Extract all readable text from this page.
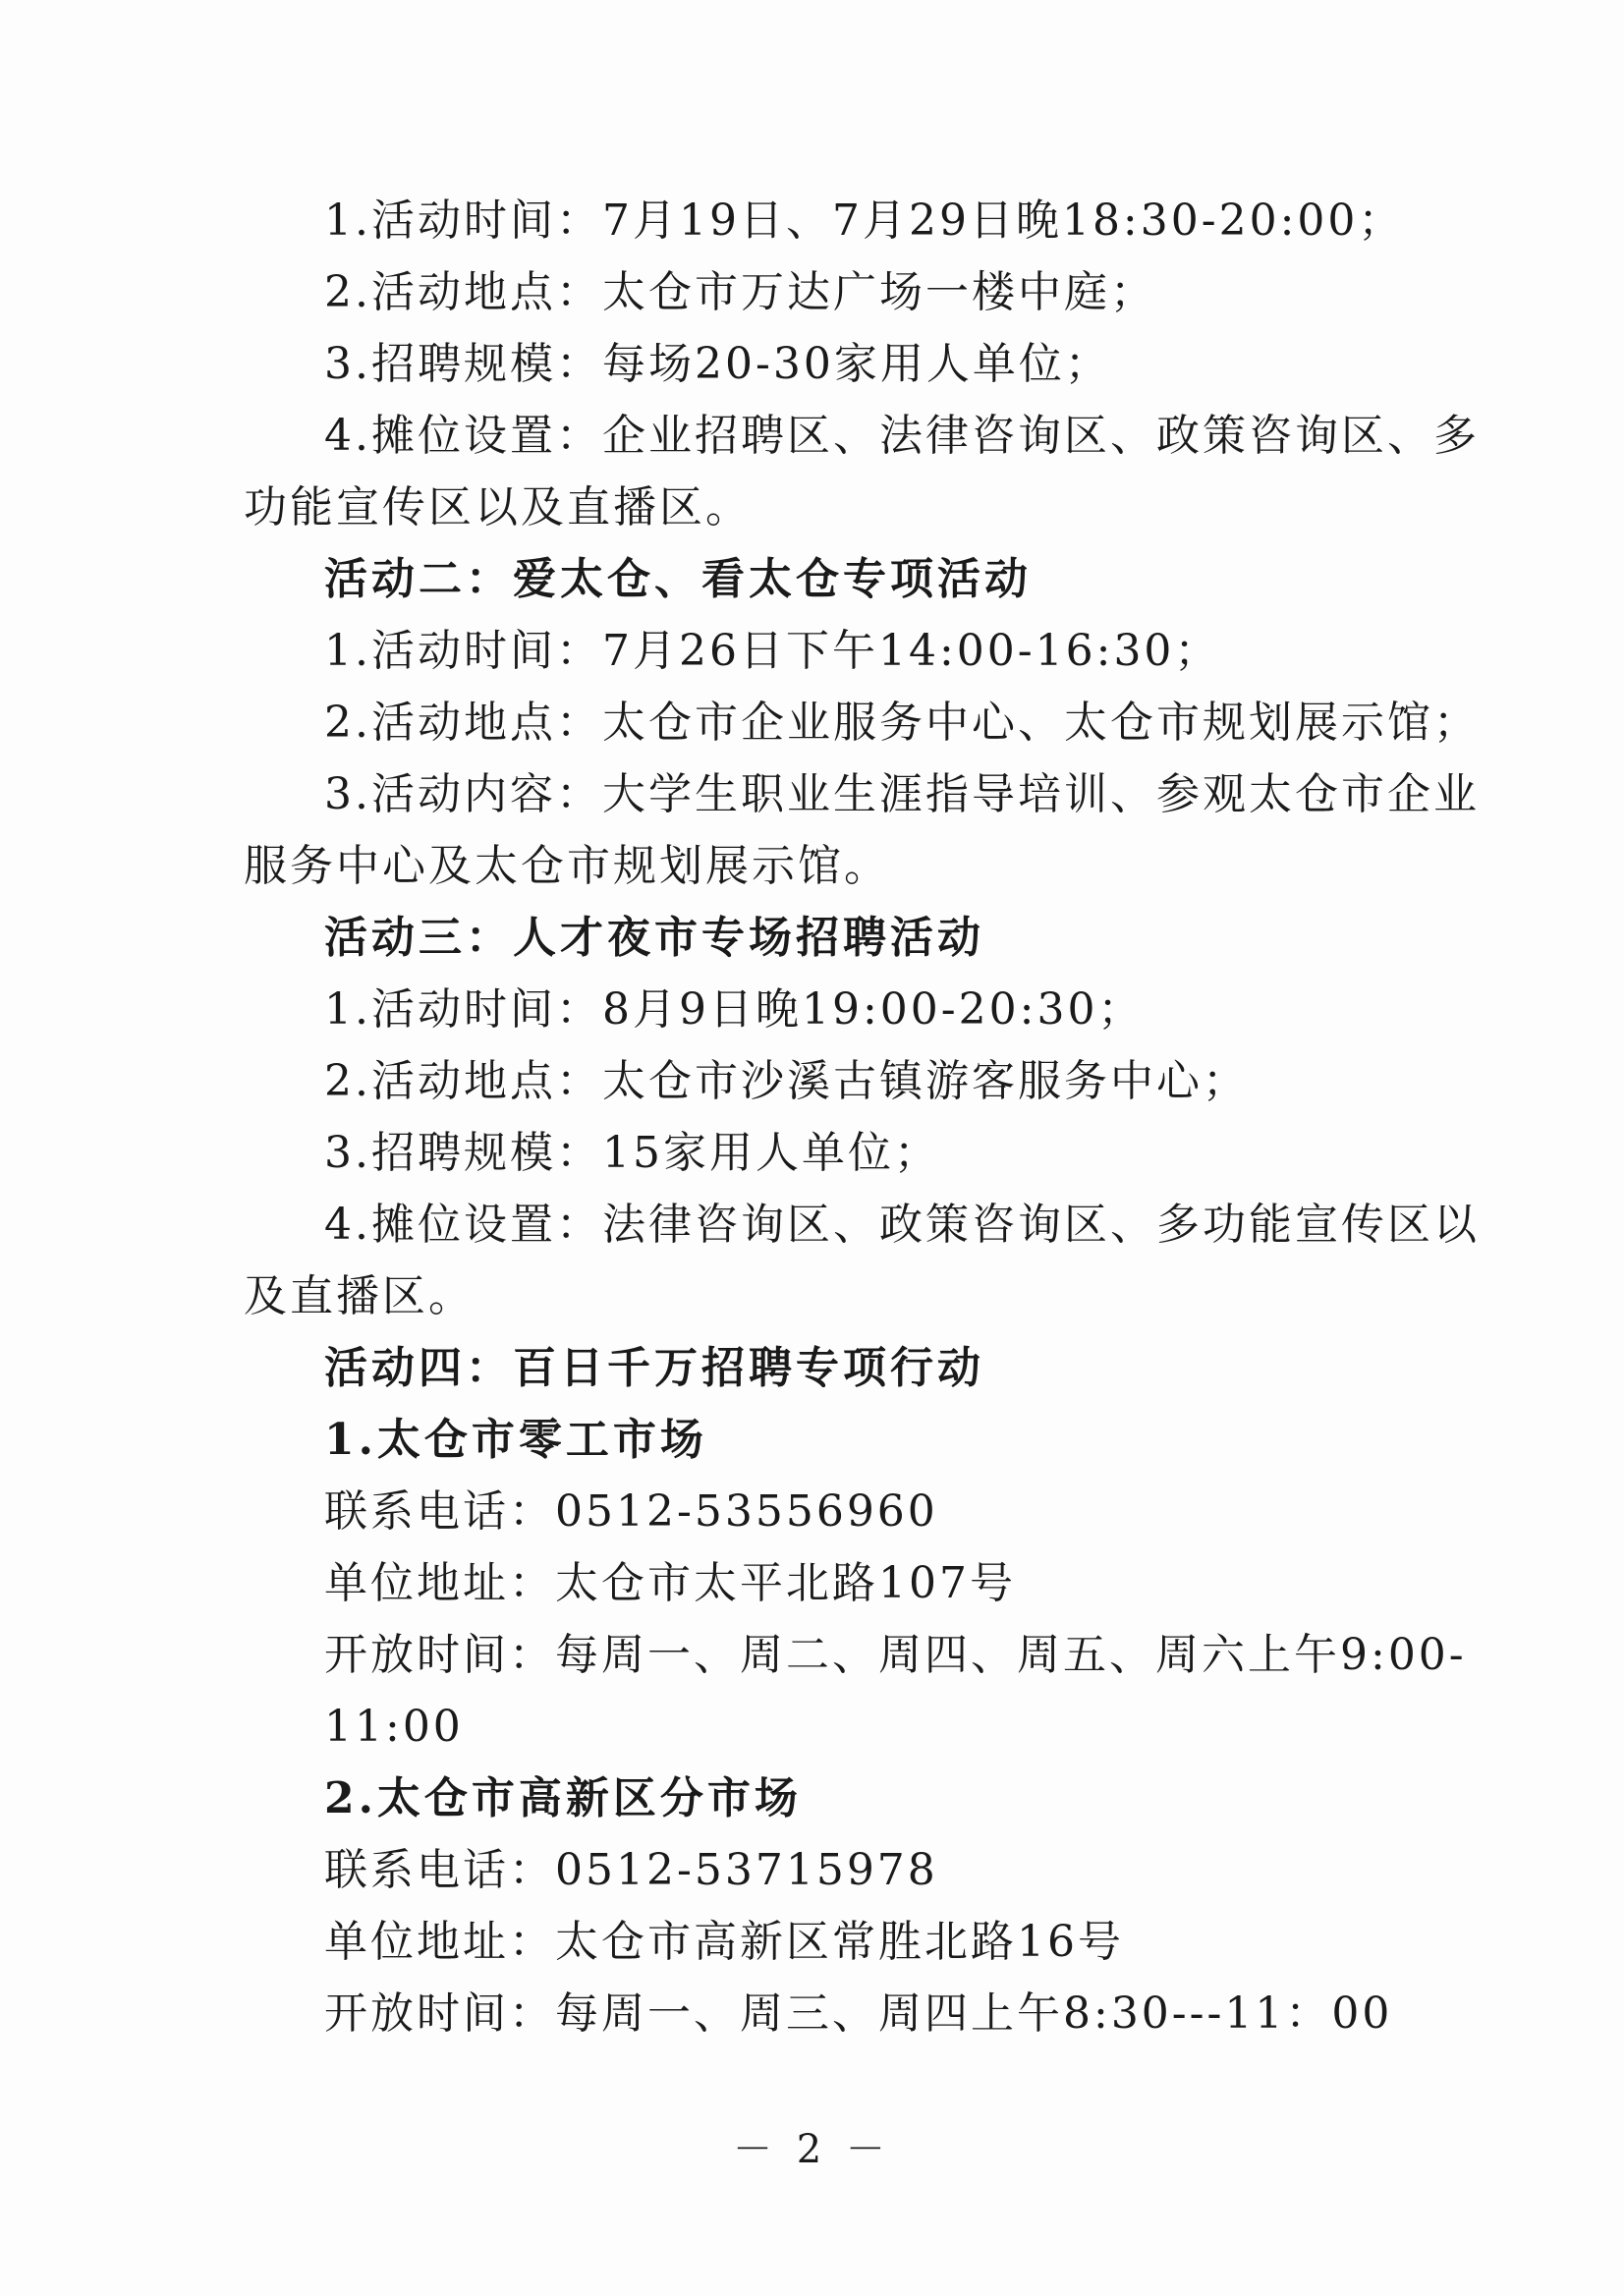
1.活动时间：7月19日、7月29日晚18:30-20:00；
2.活动地点：太仓市万达广场一楼中庭；
3.招聘规模：每场20-30家用人单位；
4.摊位设置：企业招聘区、法律咨询区、政策咨询区、多
功能宣传区以及直播区。
活动二：爱太仓、看太仓专项活动
1.活动时间：7月26日下午14:00-16:30；
2.活动地点：太仓市企业服务中心、太仓市规划展示馆；
3.活动内容：大学生职业生涯指导培训、参观太仓市企业
服务中心及太仓市规划展示馆。
活动三：人才夜市专场招聘活动
1.活动时间：8月9日晚19:00-20:30；
2.活动地点：太仓市沙溪古镇游客服务中心；
3.招聘规模：15家用人单位；
4.摊位设置：法律咨询区、政策咨询区、多功能宣传区以
及直播区。
活动四：百日千万招聘专项行动
1.太仓市零工市场
联系电话：0512-53556960
单位地址：太仓市太平北路107号
开放时间：每周一、周二、周四、周五、周六上午9:00-
11:00
2.太仓市高新区分市场
联系电话：0512-53715978
单位地址：太仓市高新区常胜北路16号
开放时间：每周一、周三、周四上午8:30---11：00
－ 2 －
